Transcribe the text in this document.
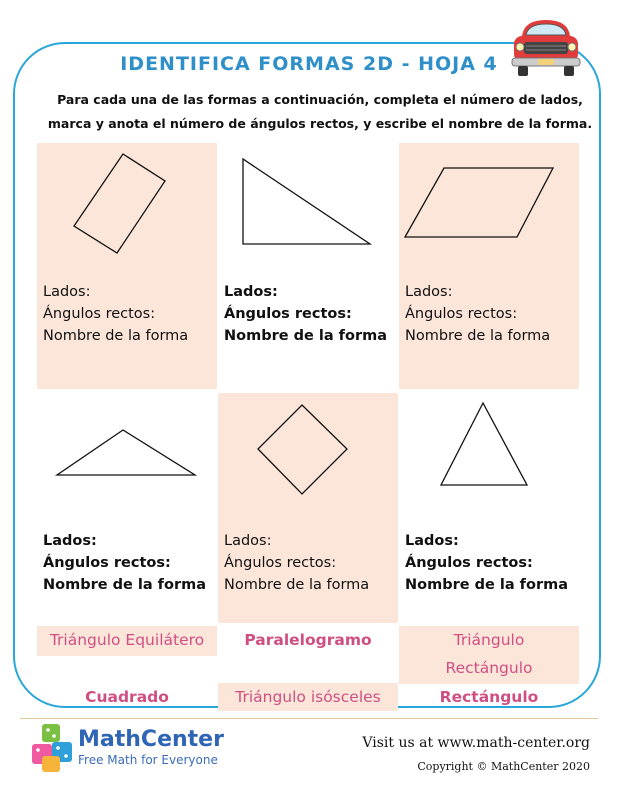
IDENTIFICA FORMAS 2D - HOJA 4
Para cada una de las formas a continuación, completa el número de lados, marca y anota el número de ángulos rectos, y escribe el nombre de la forma.
Lados:
Ángulos rectos:
Nombre de la forma
Lados:
Ángulos rectos:
Nombre de la forma
Lados:
Ángulos rectos:
Nombre de la forma
Lados:
Ángulos rectos:
Nombre de la forma
Lados:
Ángulos rectos:
Nombre de la forma
Lados:
Ángulos rectos:
Nombre de la forma
Triángulo Equilátero	Paralelogramo	Triángulo Rectángulo
Cuadrado	Triángulo isósceles	Rectángulo
MathCenter
Free Math for Everyone
Visit us at www.math-center.org
Copyright © MathCenter 2020
